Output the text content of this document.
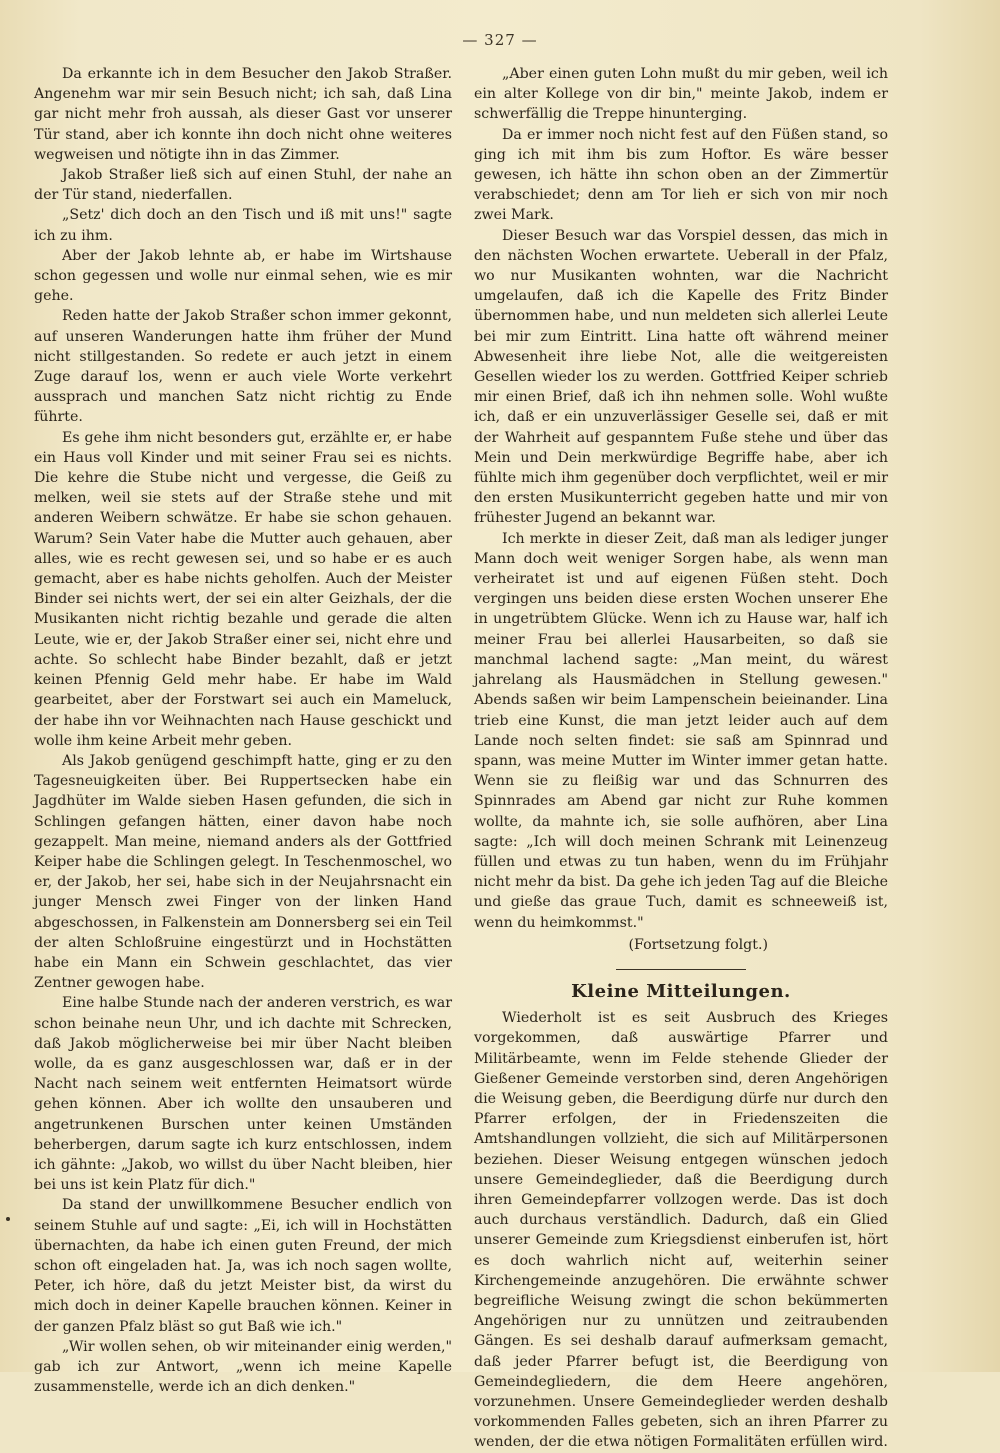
— 327 —

Da erkannte ich in dem Besucher den Jakob Straßer. Angenehm war mir sein Besuch nicht; ich sah, daß Lina gar nicht mehr froh aussah, als dieser Gast vor unserer Tür stand, aber ich konnte ihn doch nicht ohne weiteres wegweisen und nötigte ihn in das Zimmer.

Jakob Straßer ließ sich auf einen Stuhl, der nahe an der Tür stand, niederfallen.

„Setz' dich doch an den Tisch und iß mit uns!" sagte ich zu ihm.

Aber der Jakob lehnte ab, er habe im Wirtshause schon gegessen und wolle nur einmal sehen, wie es mir gehe.

Reden hatte der Jakob Straßer schon immer gekonnt, auf unseren Wanderungen hatte ihm früher der Mund nicht stillgestanden. So redete er auch jetzt in einem Zuge darauf los, wenn er auch viele Worte verkehrt aussprach und manchen Satz nicht richtig zu Ende führte.

Es gehe ihm nicht besonders gut, erzählte er, er habe ein Haus voll Kinder und mit seiner Frau sei es nichts. Die kehre die Stube nicht und vergesse, die Geiß zu melken, weil sie stets auf der Straße stehe und mit anderen Weibern schwätze. Er habe sie schon gehauen. Warum? Sein Vater habe die Mutter auch gehauen, aber alles, wie es recht gewesen sei, und so habe er es auch gemacht, aber es habe nichts geholfen. Auch der Meister Binder sei nichts wert, der sei ein alter Geizhals, der die Musikanten nicht richtig bezahle und gerade die alten Leute, wie er, der Jakob Straßer einer sei, nicht ehre und achte. So schlecht habe Binder bezahlt, daß er jetzt keinen Pfennig Geld mehr habe. Er habe im Wald gearbeitet, aber der Forstwart sei auch ein Mameluck, der habe ihn vor Weihnachten nach Hause geschickt und wolle ihm keine Arbeit mehr geben.

Als Jakob genügend geschimpft hatte, ging er zu den Tagesneuigkeiten über. Bei Ruppertsecken habe ein Jagdhüter im Walde sieben Hasen gefunden, die sich in Schlingen gefangen hätten, einer davon habe noch gezappelt. Man meine, niemand anders als der Gottfried Keiper habe die Schlingen gelegt. In Teschenmoschel, wo er, der Jakob, her sei, habe sich in der Neujahrsnacht ein junger Mensch zwei Finger von der linken Hand abgeschossen, in Falkenstein am Donnersberg sei ein Teil der alten Schloßruine eingestürzt und in Hochstätten habe ein Mann ein Schwein geschlachtet, das vier Zentner gewogen habe.

Eine halbe Stunde nach der anderen verstrich, es war schon beinahe neun Uhr, und ich dachte mit Schrecken, daß Jakob möglicherweise bei mir über Nacht bleiben wolle, da es ganz ausgeschlossen war, daß er in der Nacht nach seinem weit entfernten Heimatsort würde gehen können. Aber ich wollte den unsauberen und angetrunkenen Burschen unter keinen Umständen beherbergen, darum sagte ich kurz entschlossen, indem ich gähnte: „Jakob, wo willst du über Nacht bleiben, hier bei uns ist kein Platz für dich."

Da stand der unwillkommene Besucher endlich von seinem Stuhle auf und sagte: „Ei, ich will in Hochstätten übernachten, da habe ich einen guten Freund, der mich schon oft eingeladen hat. Ja, was ich noch sagen wollte, Peter, ich höre, daß du jetzt Meister bist, da wirst du mich doch in deiner Kapelle brauchen können. Keiner in der ganzen Pfalz bläst so gut Baß wie ich."

„Wir wollen sehen, ob wir miteinander einig werden," gab ich zur Antwort, „wenn ich meine Kapelle zusammenstelle, werde ich an dich denken."

„Aber einen guten Lohn mußt du mir geben, weil ich ein alter Kollege von dir bin," meinte Jakob, indem er schwerfällig die Treppe hinunterging.

Da er immer noch nicht fest auf den Füßen stand, so ging ich mit ihm bis zum Hoftor. Es wäre besser gewesen, ich hätte ihn schon oben an der Zimmertür verabschiedet; denn am Tor lieh er sich von mir noch zwei Mark.

Dieser Besuch war das Vorspiel dessen, das mich in den nächsten Wochen erwartete. Ueberall in der Pfalz, wo nur Musikanten wohnten, war die Nachricht umgelaufen, daß ich die Kapelle des Fritz Binder übernommen habe, und nun meldeten sich allerlei Leute bei mir zum Eintritt. Lina hatte oft während meiner Abwesenheit ihre liebe Not, alle die weitgereisten Gesellen wieder los zu werden. Gottfried Keiper schrieb mir einen Brief, daß ich ihn nehmen solle. Wohl wußte ich, daß er ein unzuverlässiger Geselle sei, daß er mit der Wahrheit auf gespanntem Fuße stehe und über das Mein und Dein merkwürdige Begriffe habe, aber ich fühlte mich ihm gegenüber doch verpflichtet, weil er mir den ersten Musikunterricht gegeben hatte und mir von frühester Jugend an bekannt war.

Ich merkte in dieser Zeit, daß man als lediger junger Mann doch weit weniger Sorgen habe, als wenn man verheiratet ist und auf eigenen Füßen steht. Doch vergingen uns beiden diese ersten Wochen unserer Ehe in ungetrübtem Glücke. Wenn ich zu Hause war, half ich meiner Frau bei allerlei Hausarbeiten, so daß sie manchmal lachend sagte: „Man meint, du wärest jahrelang als Hausmädchen in Stellung gewesen." Abends saßen wir beim Lampenschein beieinander. Lina trieb eine Kunst, die man jetzt leider auch auf dem Lande noch selten findet: sie saß am Spinnrad und spann, was meine Mutter im Winter immer getan hatte. Wenn sie zu fleißig war und das Schnurren des Spinnrades am Abend gar nicht zur Ruhe kommen wollte, da mahnte ich, sie solle aufhören, aber Lina sagte: „Ich will doch meinen Schrank mit Leinenzeug füllen und etwas zu tun haben, wenn du im Frühjahr nicht mehr da bist. Da gehe ich jeden Tag auf die Bleiche und gieße das graue Tuch, damit es schneeweiß ist, wenn du heimkommst."

(Fortsetzung folgt.)

Kleine Mitteilungen.

Wiederholt ist es seit Ausbruch des Krieges vorgekommen, daß auswärtige Pfarrer und Militärbeamte, wenn im Felde stehende Glieder der Gießener Gemeinde verstorben sind, deren Angehörigen die Weisung geben, die Beerdigung dürfe nur durch den Pfarrer erfolgen, der in Friedenszeiten die Amtshandlungen vollzieht, die sich auf Militärpersonen beziehen. Dieser Weisung entgegen wünschen jedoch unsere Gemeindeglieder, daß die Beerdigung durch ihren Gemeindepfarrer vollzogen werde. Das ist doch auch durchaus verständlich. Dadurch, daß ein Glied unserer Gemeinde zum Kriegsdienst einberufen ist, hört es doch wahrlich nicht auf, weiterhin seiner Kirchengemeinde anzugehören. Die erwähnte schwer begreifliche Weisung zwingt die schon bekümmerten Angehörigen nur zu unnützen und zeitraubenden Gängen. Es sei deshalb darauf aufmerksam gemacht, daß jeder Pfarrer befugt ist, die Beerdigung von Gemeindegliedern, die dem Heere angehören, vorzunehmen. Unsere Gemeindeglieder werden deshalb vorkommenden Falles gebeten, sich an ihren Pfarrer zu wenden, der die etwa nötigen Formalitäten erfüllen wird.
